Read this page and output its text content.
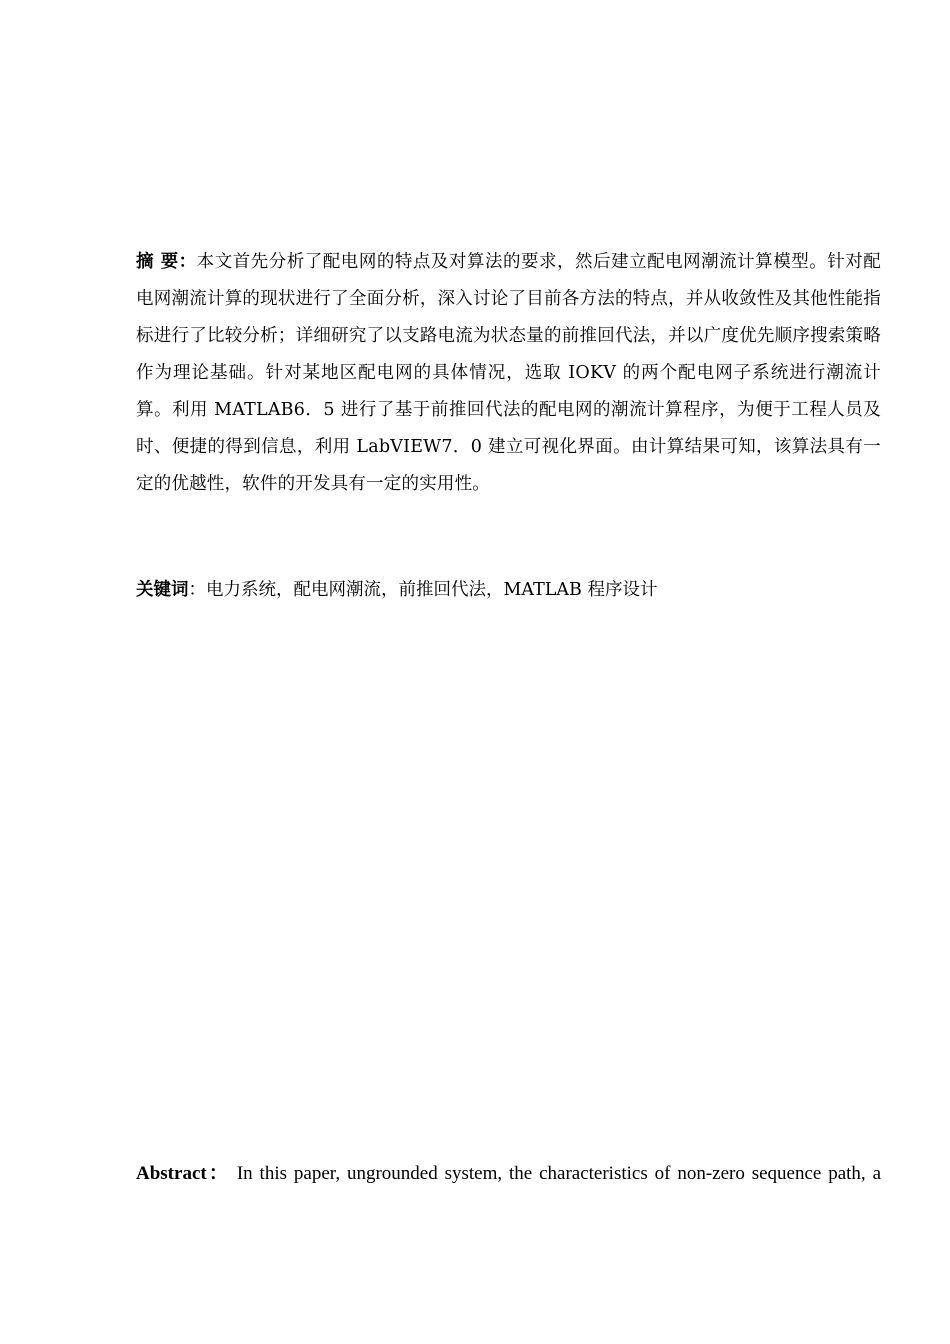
摘 要：本文首先分析了配电网的特点及对算法的要求，然后建立配电网潮流计算模型。针对配电网潮流计算的现状进行了全面分析，深入讨论了目前各方法的特点，并从收敛性及其他性能指标进行了比较分析；详细研究了以支路电流为状态量的前推回代法，并以广度优先顺序搜索策略作为理论基础。针对某地区配电网的具体情况，选取 IOKV 的两个配电网子系统进行潮流计算。利用 MATLAB6．5 进行了基于前推回代法的配电网的潮流计算程序，为便于工程人员及时、便捷的得到信息，利用 LabVIEW7．0 建立可视化界面。由计算结果可知，该算法具有一定的优越性，软件的开发具有一定的实用性。
关键词：电力系统，配电网潮流，前推回代法，MATLAB 程序设计
Abstract： In this paper, ungrounded system, the characteristics of non-zero sequence path, a
